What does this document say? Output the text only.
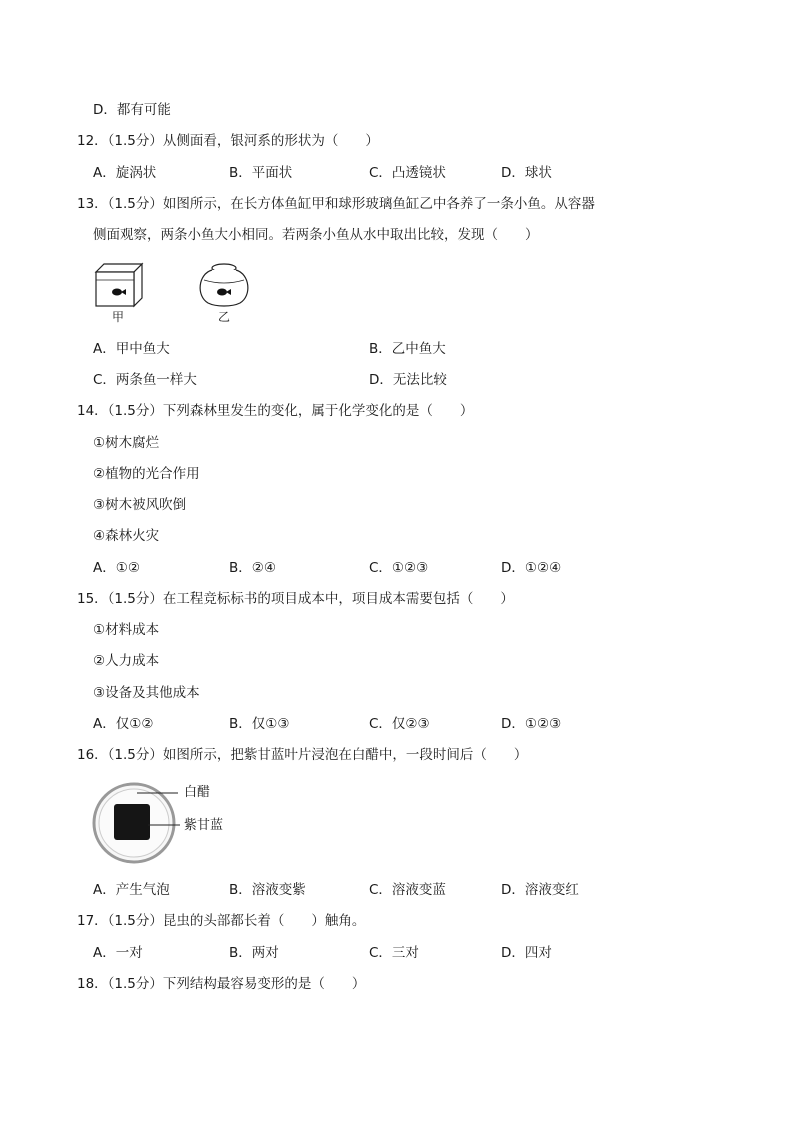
D．都有可能
12．（1.5分）从侧面看，银河系的形状为（　　）
A．旋涡状	B．平面状	C．凸透镜状	D．球状
13．（1.5分）如图所示，在长方体鱼缸甲和球形玻璃鱼缸乙中各养了一条小鱼。从容器
侧面观察，两条小鱼大小相同。若两条小鱼从水中取出比较，发现（　　）
甲	乙
A．甲中鱼大	B．乙中鱼大
C．两条鱼一样大	D．无法比较
14．（1.5分）下列森林里发生的变化，属于化学变化的是（　　）
①树木腐烂
②植物的光合作用
③树木被风吹倒
④森林火灾
A．①②	B．②④	C．①②③	D．①②④
15．（1.5分）在工程竞标标书的项目成本中，项目成本需要包括（　　）
①材料成本
②人力成本
③设备及其他成本
A．仅①②	B．仅①③	C．仅②③	D．①②③
16．（1.5分）如图所示，把紫甘蓝叶片浸泡在白醋中，一段时间后（　　）
白醋
紫甘蓝
A．产生气泡	B．溶液变紫	C．溶液变蓝	D．溶液变红
17．（1.5分）昆虫的头部都长着（　　）触角。
A．一对	B．两对	C．三对	D．四对
18．（1.5分）下列结构最容易变形的是（　　）
